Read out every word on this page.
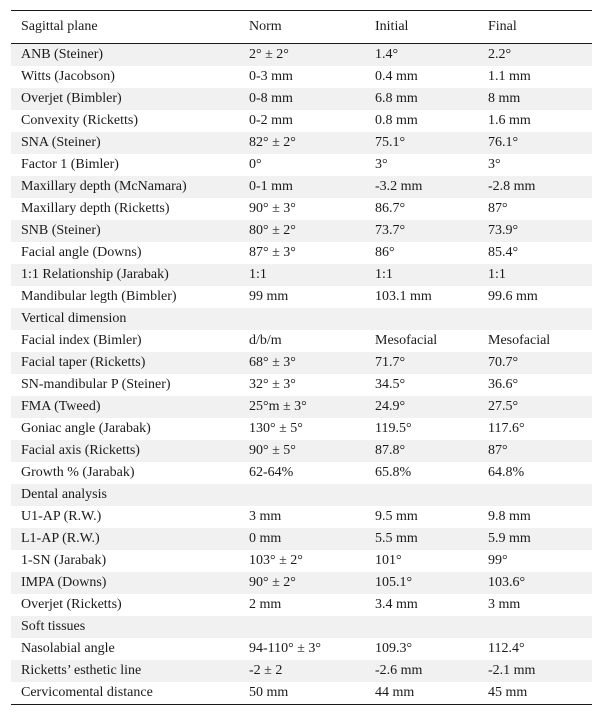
Sagittal plane	Norm	Initial	Final
ANB (Steiner)	2° ± 2°	1.4°	2.2°
Witts (Jacobson)	0-3 mm	0.4 mm	1.1 mm
Overjet (Bimbler)	0-8 mm	6.8 mm	8 mm
Convexity (Ricketts)	0-2 mm	0.8 mm	1.6 mm
SNA (Steiner)	82° ± 2°	75.1°	76.1°
Factor 1 (Bimler)	0°	3°	3°
Maxillary depth (McNamara)	0-1 mm	-3.2 mm	-2.8 mm
Maxillary depth (Ricketts)	90° ± 3°	86.7°	87°
SNB (Steiner)	80° ± 2°	73.7°	73.9°
Facial angle (Downs)	87° ± 3°	86°	85.4°
1:1 Relationship (Jarabak)	1:1	1:1	1:1
Mandibular legth (Bimbler)	99 mm	103.1 mm	99.6 mm
Vertical dimension			
Facial index (Bimler)	d/b/m	Mesofacial	Mesofacial
Facial taper (Ricketts)	68° ± 3°	71.7°	70.7°
SN-mandibular P (Steiner)	32° ± 3°	34.5°	36.6°
FMA (Tweed)	25°m ± 3°	24.9°	27.5°
Goniac angle (Jarabak)	130° ± 5°	119.5°	117.6°
Facial axis (Ricketts)	90° ± 5°	87.8°	87°
Growth % (Jarabak)	62-64%	65.8%	64.8%
Dental analysis			
U1-AP (R.W.)	3 mm	9.5 mm	9.8 mm
L1-AP (R.W.)	0 mm	5.5 mm	5.9 mm
1-SN (Jarabak)	103° ± 2°	101°	99°
IMPA (Downs)	90° ± 2°	105.1°	103.6°
Overjet (Ricketts)	2 mm	3.4 mm	3 mm
Soft tissues			
Nasolabial angle	94-110° ± 3°	109.3°	112.4°
Ricketts’ esthetic line	-2 ± 2	-2.6 mm	-2.1 mm
Cervicomental distance	50 mm	44 mm	45 mm
